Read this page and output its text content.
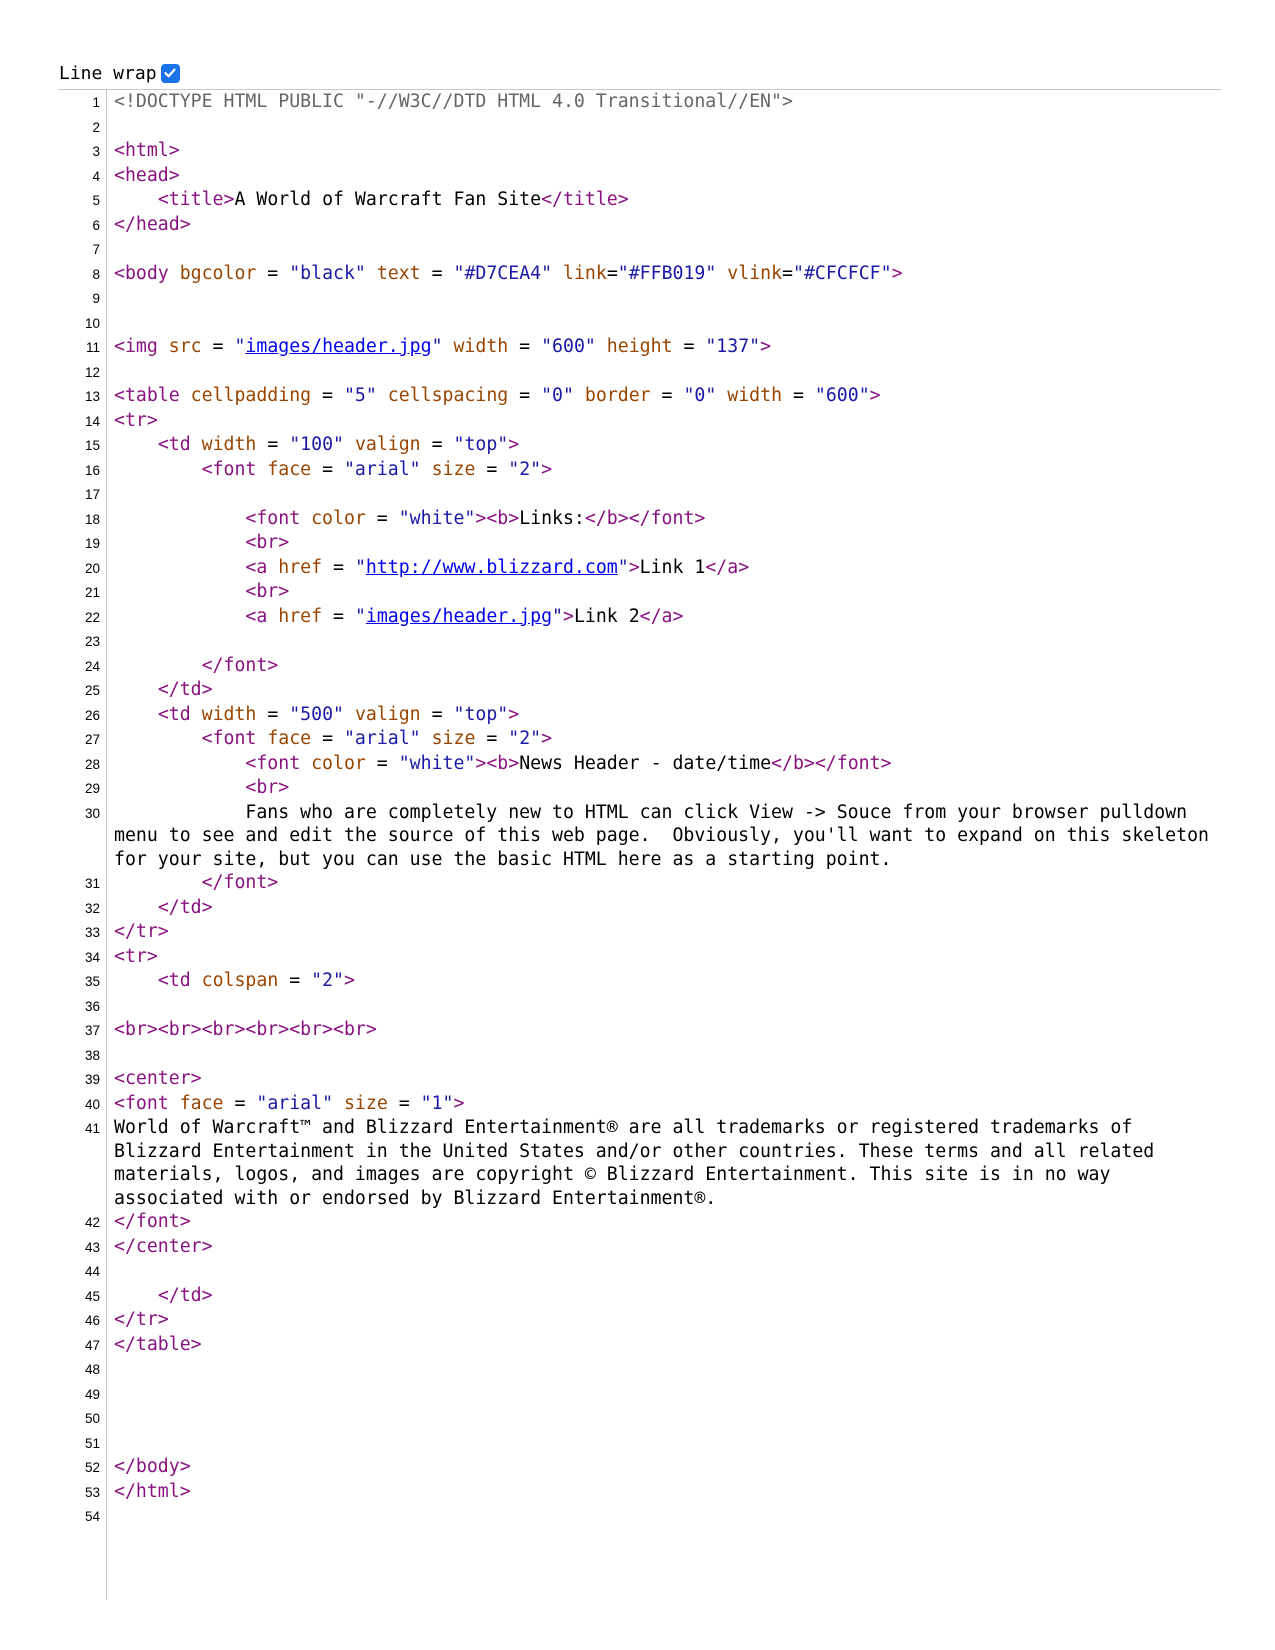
Line wrap
1 <!DOCTYPE HTML PUBLIC "-//W3C//DTD HTML 4.0 Transitional//EN">
2
3 <html>
4 <head>
5	<title>A World of Warcraft Fan Site</title>
6 </head>
7
8 <body bgcolor = "black" text = "#D7CEA4" link="#FFB019" vlink="#CFCFCF">
9
10
11 <img src = "images/header.jpg" width = "600" height = "137">
12
13 <table cellpadding = "5" cellspacing = "0" border = "0" width = "600">
14 <tr>
15	<td width = "100" valign = "top">
16	<font face = "arial" size = "2">
17
18	<font color = "white"><b>Links:</b></font>
19	<br>
20	<a href = "http://www.blizzard.com">Link 1</a>
21	<br>
22	<a href = "images/header.jpg">Link 2</a>
23
24	</font>
25	</td>
26	<td width = "500" valign = "top">
27	<font face = "arial" size = "2">
28	<font color = "white"><b>News Header - date/time</b></font>
29	<br>
30 Fans who are completely new to HTML can click View -> Souce from your browser pulldown menu to see and edit the source of this web page.  Obviously, you'll want to expand on this skeleton for your site, but you can use the basic HTML here as a starting point.
31	</font>
32	</td>
33 </tr>
34 <tr>
35	<td colspan = "2">
36
37 <br><br><br><br><br><br>
38
39 <center>
40 <font face = "arial" size = "1">
41 World of Warcraft™ and Blizzard Entertainment® are all trademarks or registered trademarks of Blizzard Entertainment in the United States and/or other countries. These terms and all related materials, logos, and images are copyright © Blizzard Entertainment. This site is in no way associated with or endorsed by Blizzard Entertainment®.
42 </font>
43 </center>
44
45	</td>
46 </tr>
47 </table>
48
49
50
51
52 </body>
53 </html>
54
